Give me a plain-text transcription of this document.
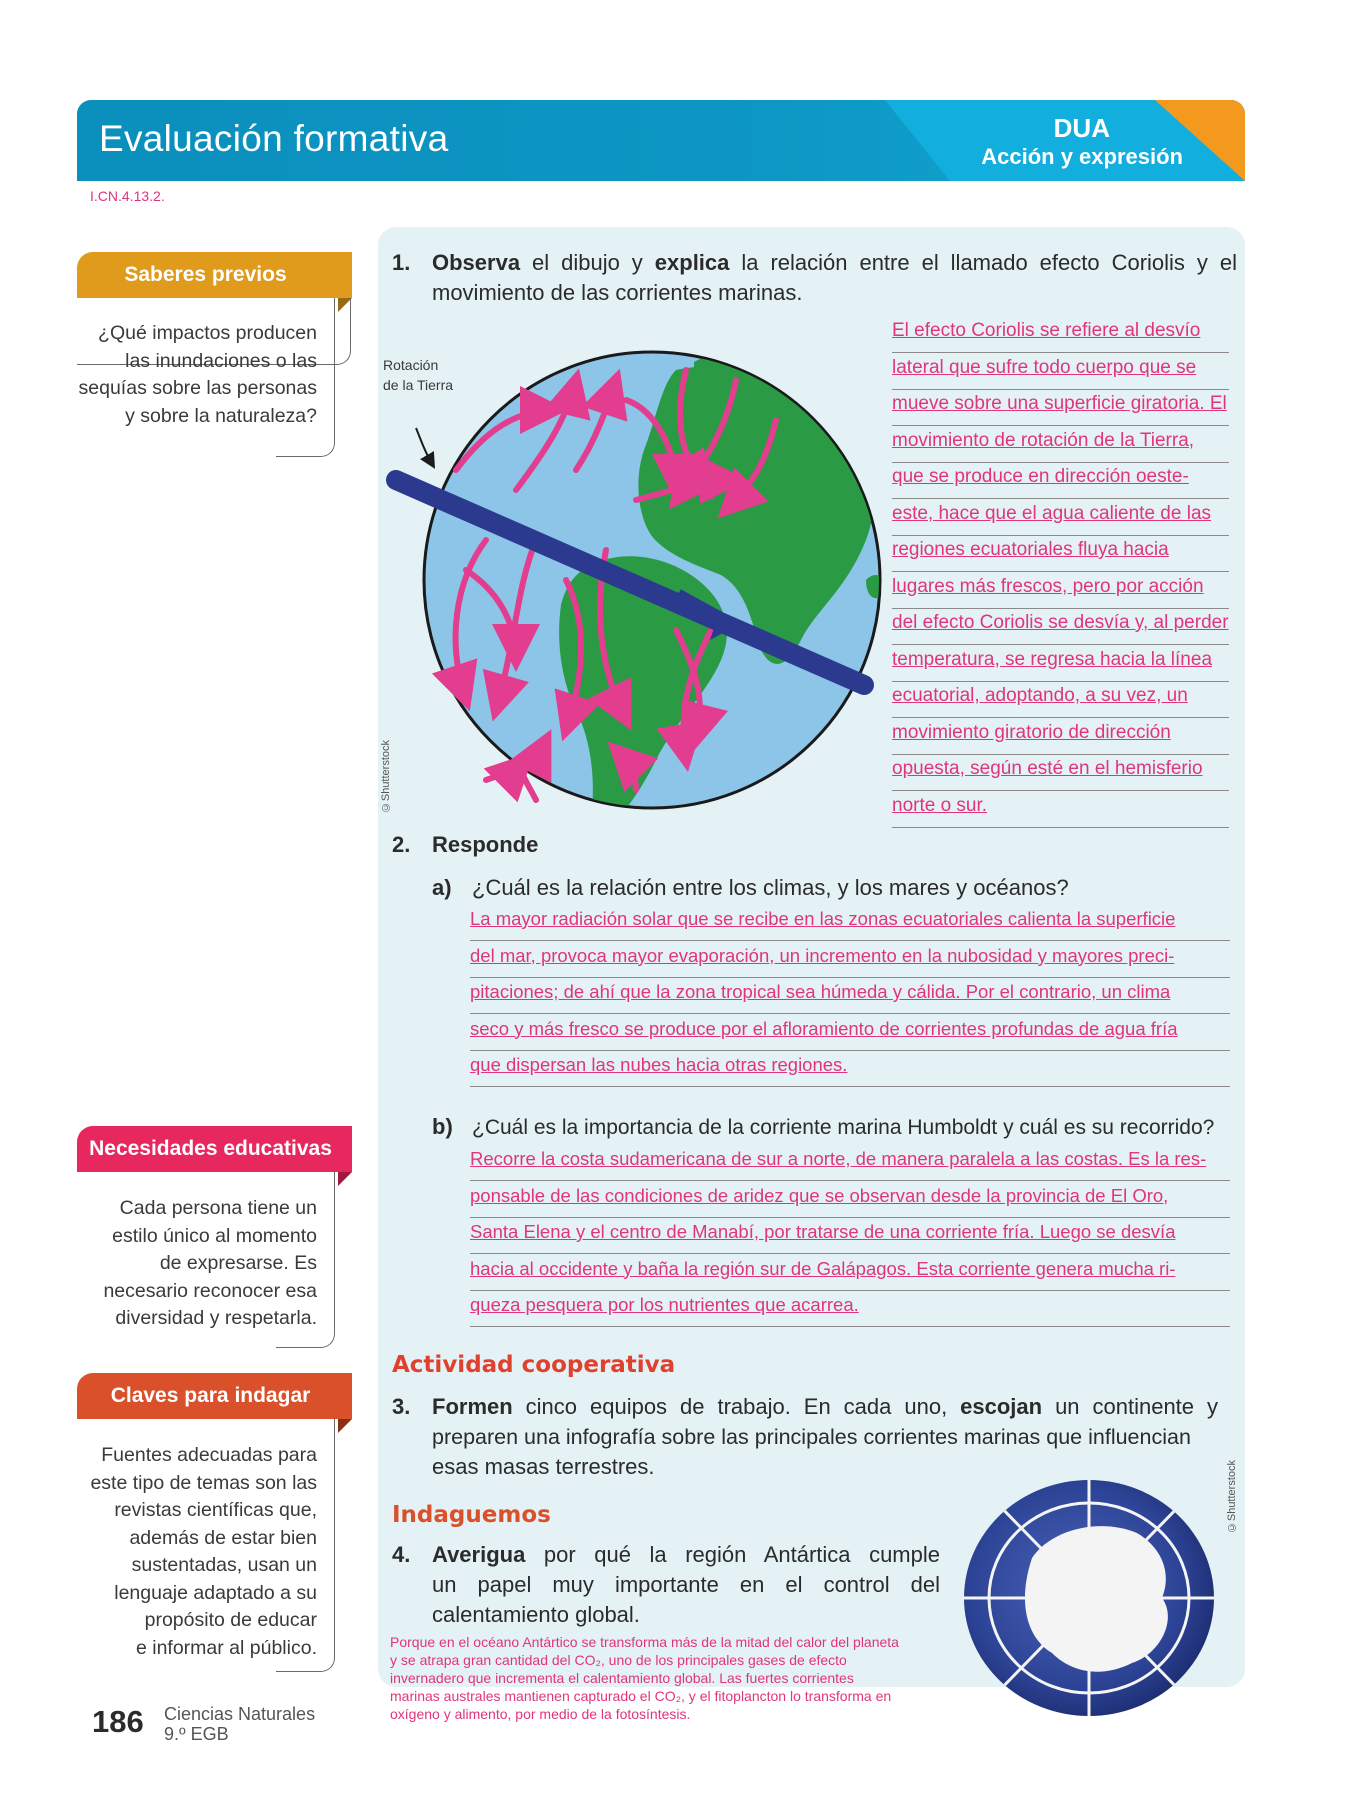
Evaluación formativa	DUA
Acción y expresión
I.CN.4.13.2.
Saberes previos
¿Qué impactos producen
las inundaciones o las
sequías sobre las personas
y sobre la naturaleza?
Necesidades educativas
Cada persona tiene un
estilo único al momento
de expresarse. Es
necesario reconocer esa
diversidad y respetarla.
Claves para indagar
Fuentes adecuadas para
este tipo de temas son las
revistas científicas que,
además de estar bien
sustentadas, usan un
lenguaje adaptado a su
propósito de educar
e informar al público.
1. Observa el dibujo y explica la relación entre el llamado efecto Coriolis y el
movimiento de las corrientes marinas.
Rotación
de la Tierra
©Shutterstock
El efecto Coriolis se refiere al desvío
lateral que sufre todo cuerpo que se
mueve sobre una superficie giratoria. El
movimiento de rotación de la Tierra,
que se produce en dirección oeste-
este, hace que el agua caliente de las
regiones ecuatoriales fluya hacia
lugares más frescos, pero por acción
del efecto Coriolis se desvía y, al perder
temperatura, se regresa hacia la línea
ecuatorial, adoptando, a su vez, un
movimiento giratorio de dirección
opuesta, según esté en el hemisferio
norte o sur.
2. Responde
a) ¿Cuál es la relación entre los climas, y los mares y océanos?
La mayor radiación solar que se recibe en las zonas ecuatoriales calienta la superficie
del mar, provoca mayor evaporación, un incremento en la nubosidad y mayores preci-
pitaciones; de ahí que la zona tropical sea húmeda y cálida. Por el contrario, un clima
seco y más fresco se produce por el afloramiento de corrientes profundas de agua fría
que dispersan las nubes hacia otras regiones.
b) ¿Cuál es la importancia de la corriente marina Humboldt y cuál es su recorrido?
Recorre la costa sudamericana de sur a norte, de manera paralela a las costas. Es la res-
ponsable de las condiciones de aridez que se observan desde la provincia de El Oro,
Santa Elena y el centro de Manabí, por tratarse de una corriente fría. Luego se desvía
hacia al occidente y baña la región sur de Galápagos. Esta corriente genera mucha ri-
queza pesquera por los nutrientes que acarrea.
Actividad cooperativa
3. Formen cinco equipos de trabajo. En cada uno, escojan un continente y
preparen una infografía sobre las principales corrientes marinas que influencian
esas masas terrestres.
Indaguemos
4. Averigua por qué la región Antártica cumple
un papel muy importante en el control del
calentamiento global.
Porque en el océano Antártico se transforma más de la mitad del calor del planeta
y se atrapa gran cantidad del CO₂, uno de los principales gases de efecto
invernadero que incrementa el calentamiento global. Las fuertes corrientes
marinas australes mantienen capturado el CO₂, y el fitoplancton lo transforma en
oxígeno y alimento, por medio de la fotosíntesis.
©Shutterstock
186 Ciencias Naturales
9.º EGB
